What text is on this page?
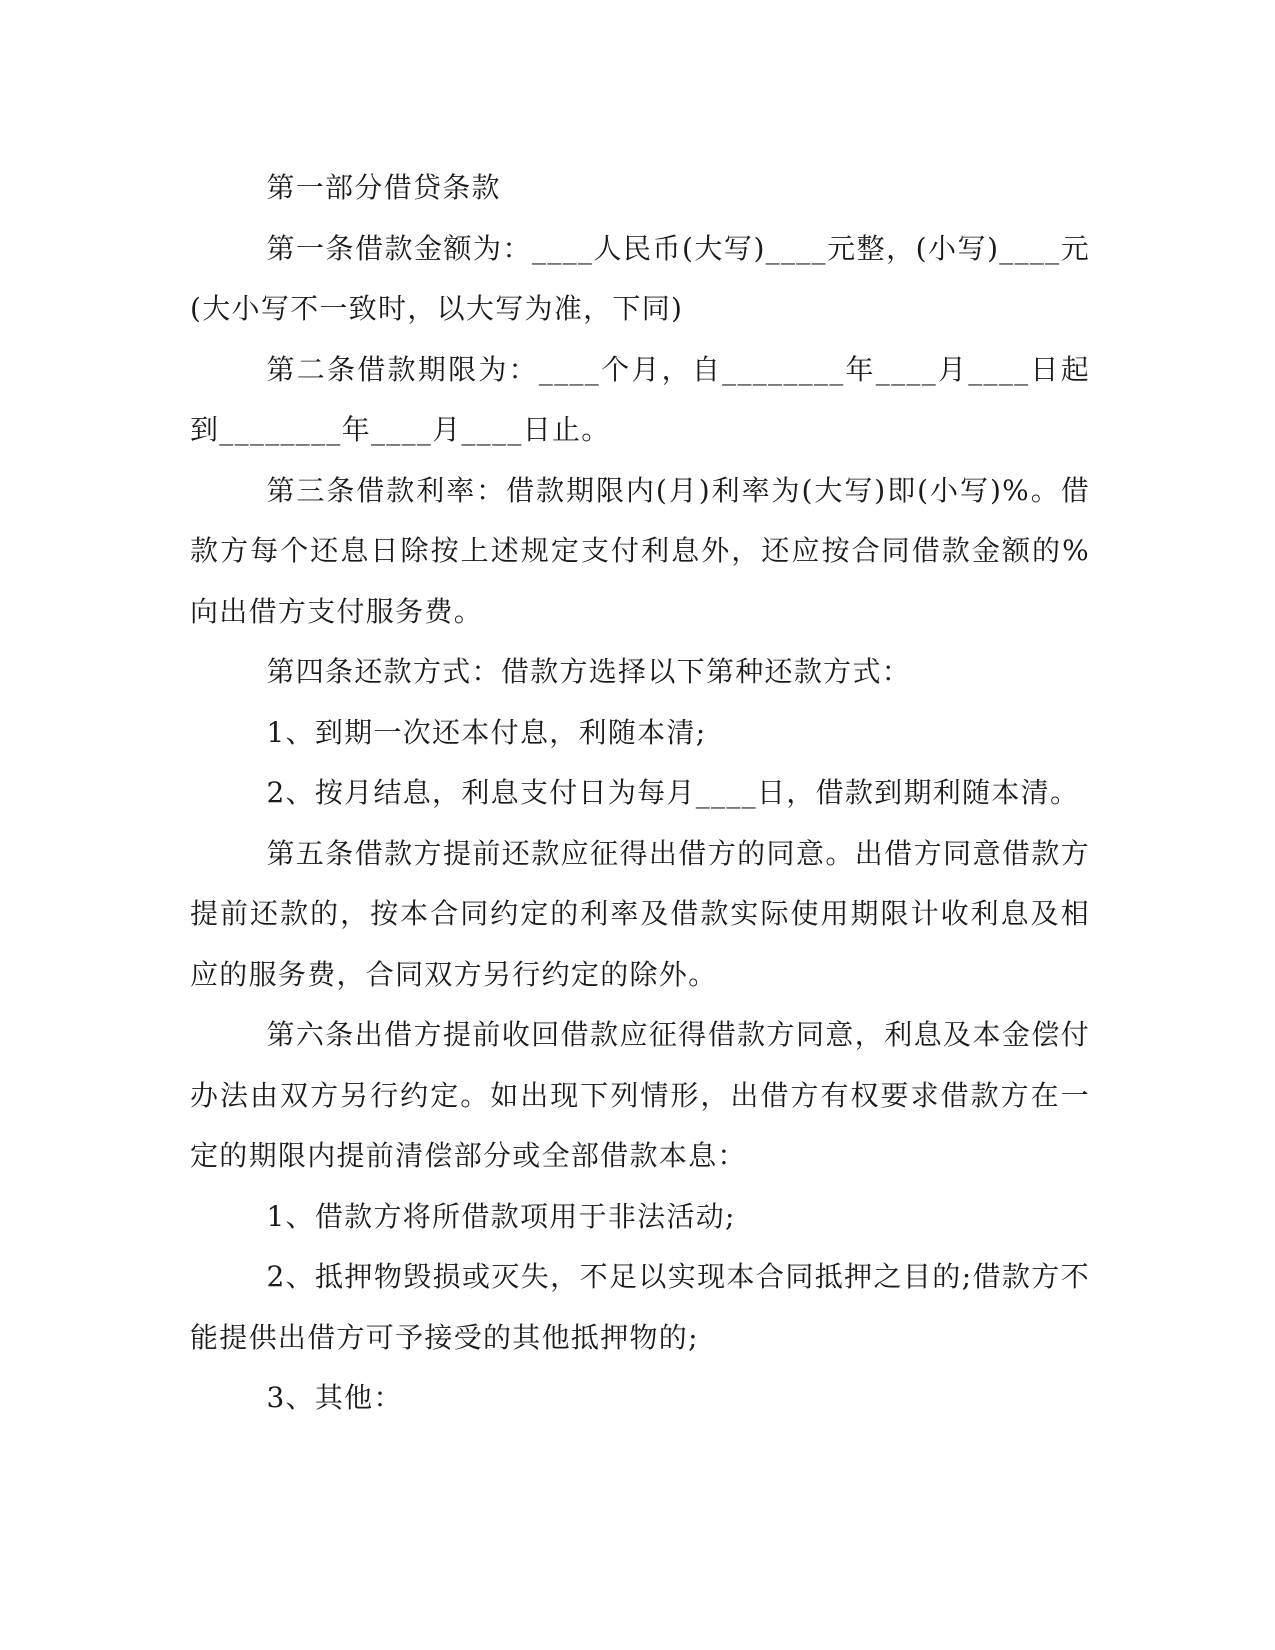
第一部分借贷条款

第一条借款金额为：____人民币(大写)____元整，(小写)____元(大小写不一致时，以大写为准，下同)

第二条借款期限为：____个月，自________年____月____日起到________年____月____日止。

第三条借款利率：借款期限内(月)利率为(大写)即(小写)%。借款方每个还息日除按上述规定支付利息外，还应按合同借款金额的%向出借方支付服务费。

第四条还款方式：借款方选择以下第种还款方式：

1、到期一次还本付息，利随本清;

2、按月结息，利息支付日为每月____日，借款到期利随本清。

第五条借款方提前还款应征得出借方的同意。出借方同意借款方提前还款的，按本合同约定的利率及借款实际使用期限计收利息及相应的服务费，合同双方另行约定的除外。

第六条出借方提前收回借款应征得借款方同意，利息及本金偿付办法由双方另行约定。如出现下列情形，出借方有权要求借款方在一定的期限内提前清偿部分或全部借款本息：

1、借款方将所借款项用于非法活动;

2、抵押物毁损或灭失，不足以实现本合同抵押之目的;借款方不能提供出借方可予接受的其他抵押物的;

3、其他：
